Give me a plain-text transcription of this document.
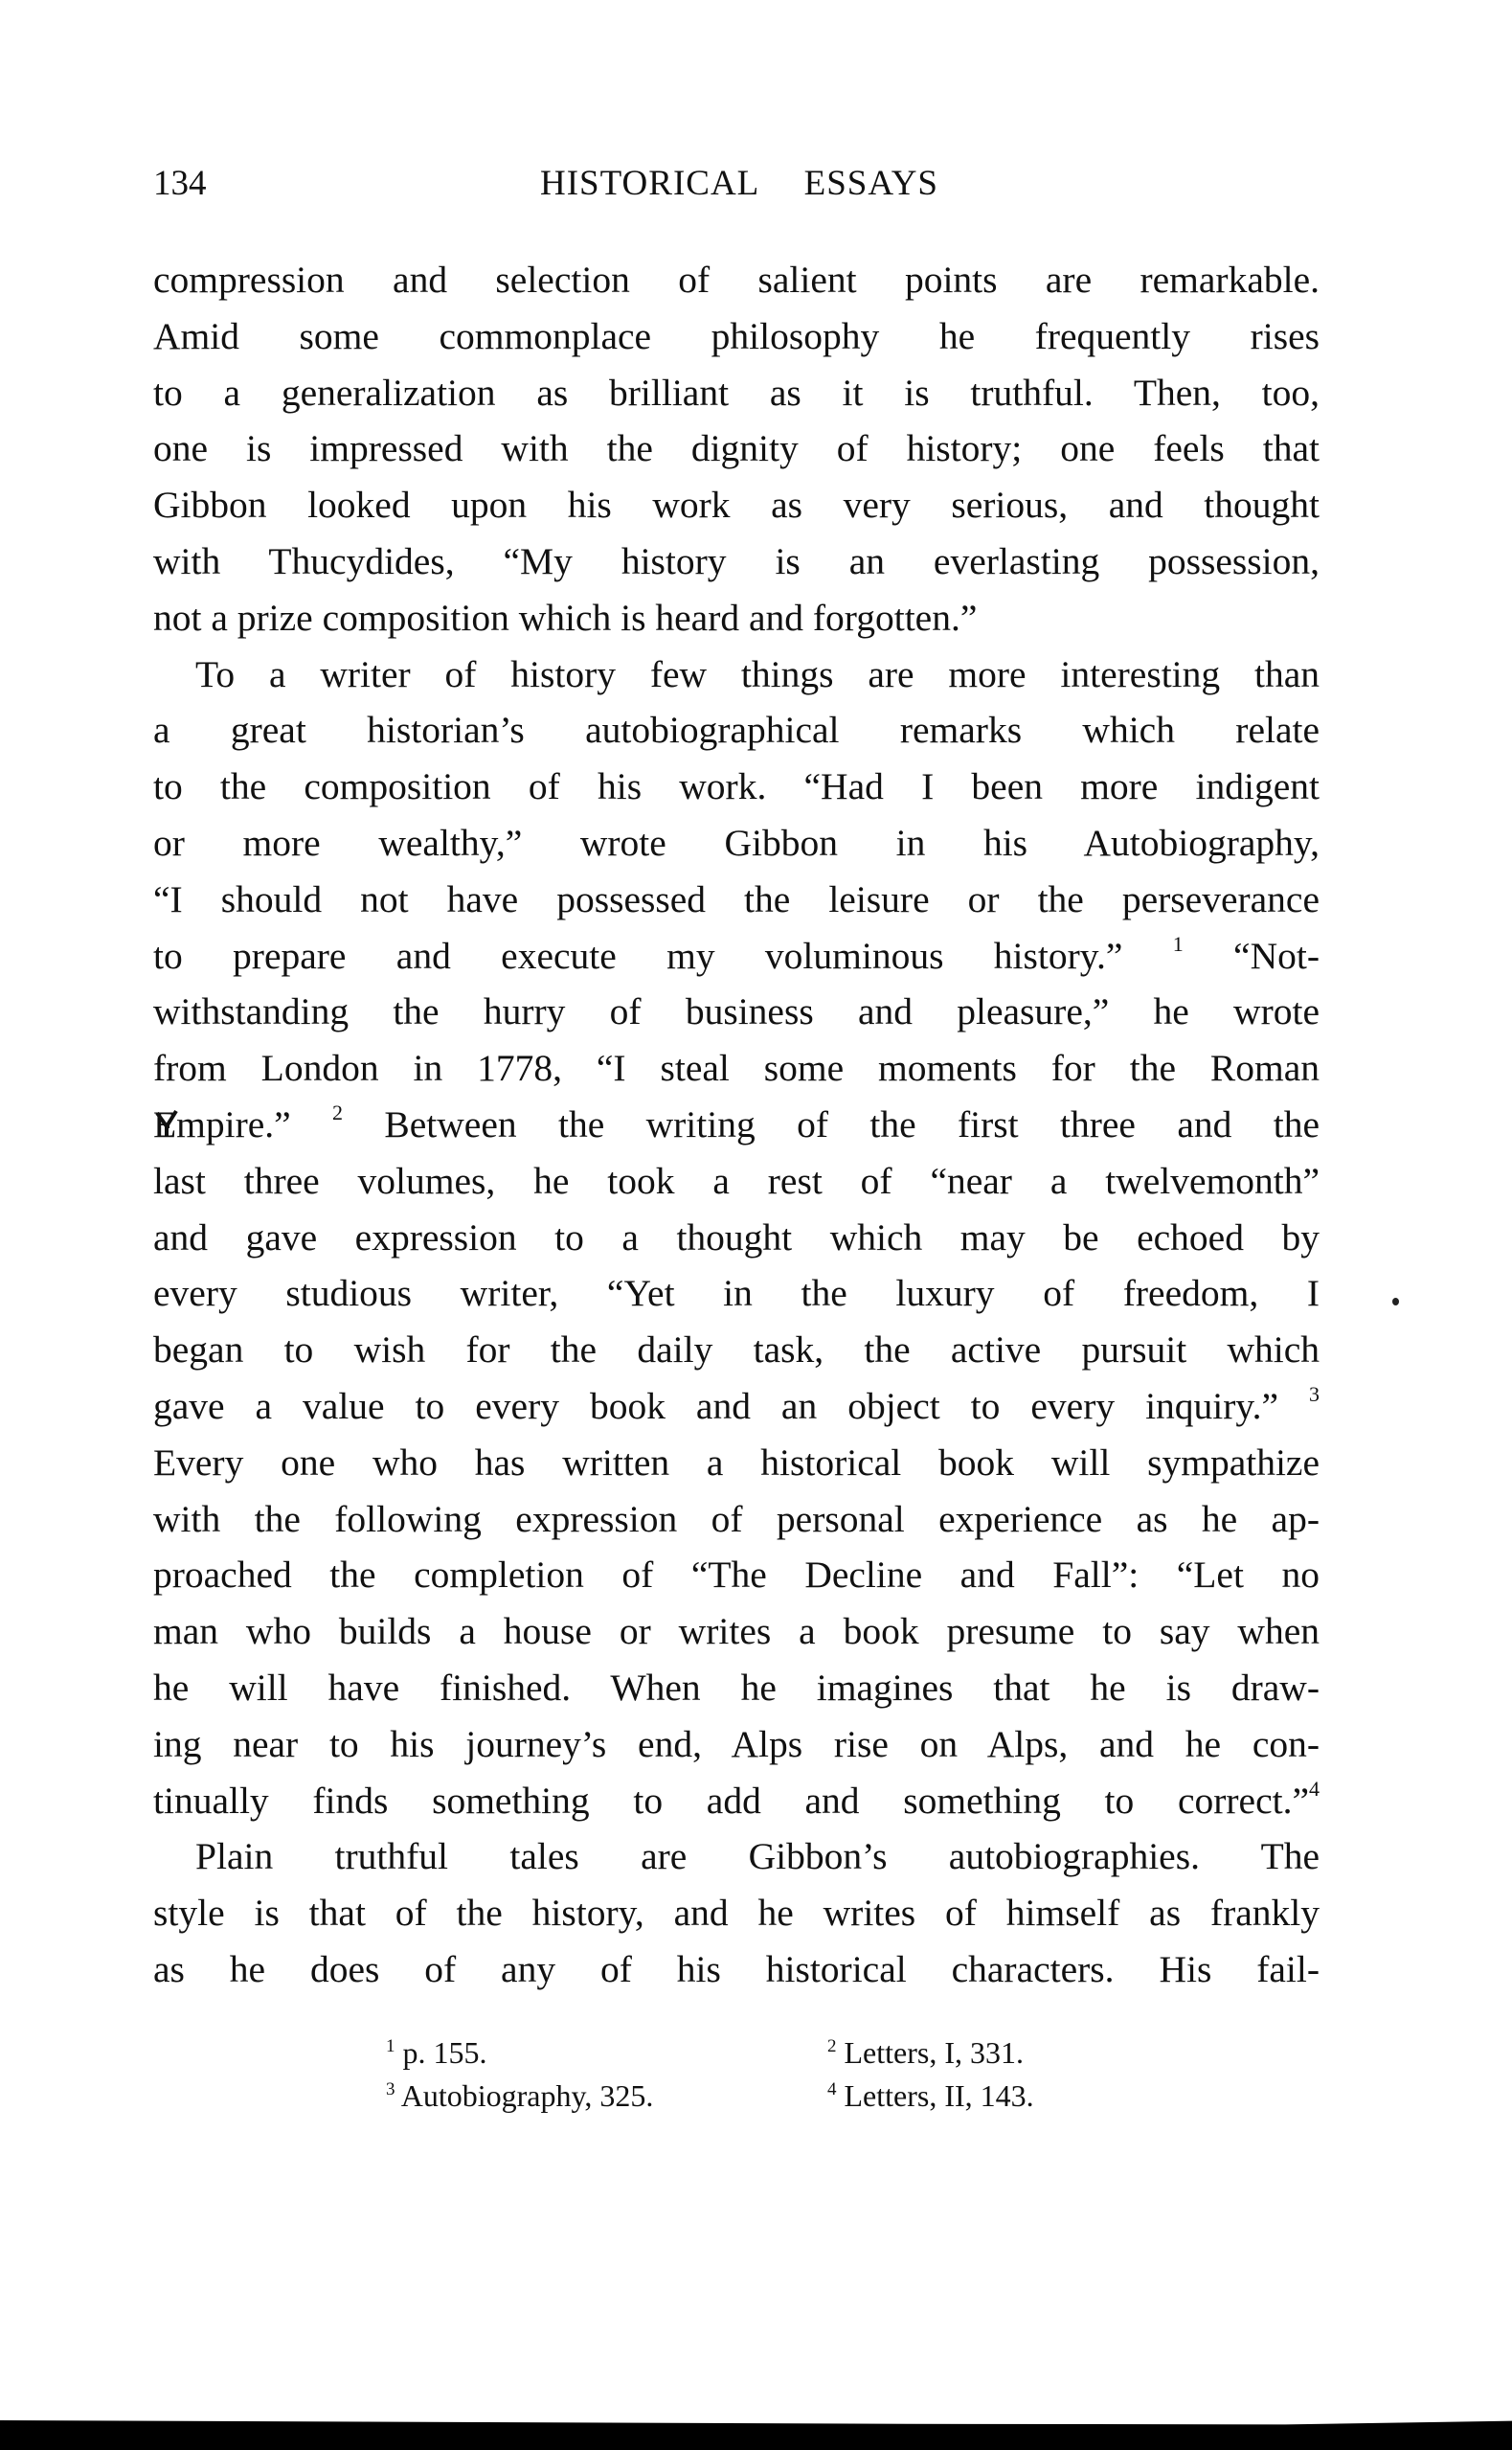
134	HISTORICAL ESSAYS
compression and selection of salient points are remarkable.
Amid some commonplace philosophy he frequently rises
to a generalization as brilliant as it is truthful. Then, too,
one is impressed with the dignity of history; one feels that
Gibbon looked upon his work as very serious, and thought
with Thucydides, “My history is an everlasting possession,
not a prize composition which is heard and forgotten.”
To a writer of history few things are more interesting than
a great historian’s autobiographical remarks which relate
to the composition of his work. “Had I been more indigent
or more wealthy,” wrote Gibbon in his Autobiography,
“I should not have possessed the leisure or the perseverance
to prepare and execute my voluminous history.” $^1$ “Not-
withstanding the hurry of business and pleasure,” he wrote
from London in 1778, “I steal some moments for the Roman
Empire.” $^2$ Between the writing of the first three and the
last three volumes, he took a rest of “near a twelvemonth”
and gave expression to a thought which may be echoed by
every studious writer, “Yet in the luxury of freedom, I
began to wish for the daily task, the active pursuit which
gave a value to every book and an object to every inquiry.” $^3$
Every one who has written a historical book will sympathize
with the following expression of personal experience as he ap-
proached the completion of “The Decline and Fall”: “Let no
man who builds a house or writes a book presume to say when
he will have finished. When he imagines that he is draw-
ing near to his journey’s end, Alps rise on Alps, and he con-
tinually finds something to add and something to correct.”$^4$
Plain truthful tales are Gibbon’s autobiographies. The
style is that of the history, and he writes of himself as frankly
as he does of any of his historical characters. His fail-
$^1$ p. 155.	$^2$ Letters, I, 331.
$^3$ Autobiography, 325.	$^4$ Letters, II, 143.
